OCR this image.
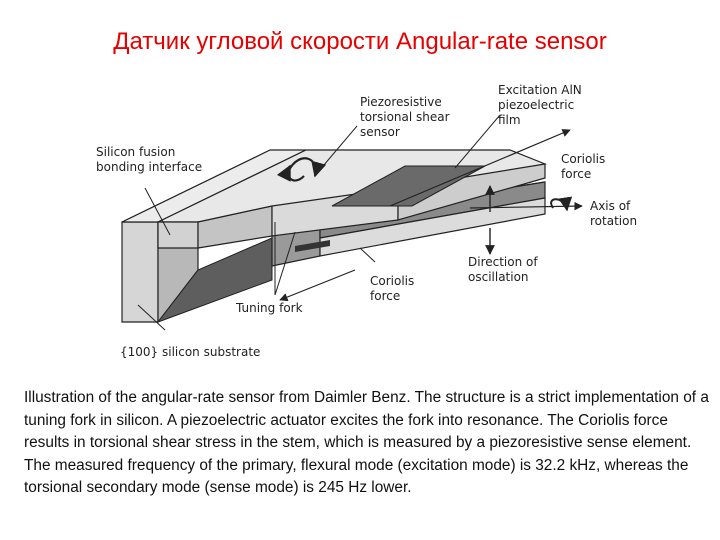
Датчик угловой скорости Angular-rate sensor
Piezoresistive torsional shear sensor
Excitation AlN piezoelectric film
Silicon fusion bonding interface
Coriolis force
Axis of rotation
Direction of oscillation
Coriolis force
Tuning fork
{100} silicon substrate
Illustration of the angular-rate sensor from Daimler Benz. The structure is a strict implementation of a tuning fork in silicon. A piezoelectric actuator excites the fork into resonance. The Coriolis force results in torsional shear stress in the stem, which is measured by a piezoresistive sense element. The measured frequency of the primary, flexural mode (excitation mode) is 32.2 kHz, whereas the torsional secondary mode (sense mode) is 245 Hz lower.
